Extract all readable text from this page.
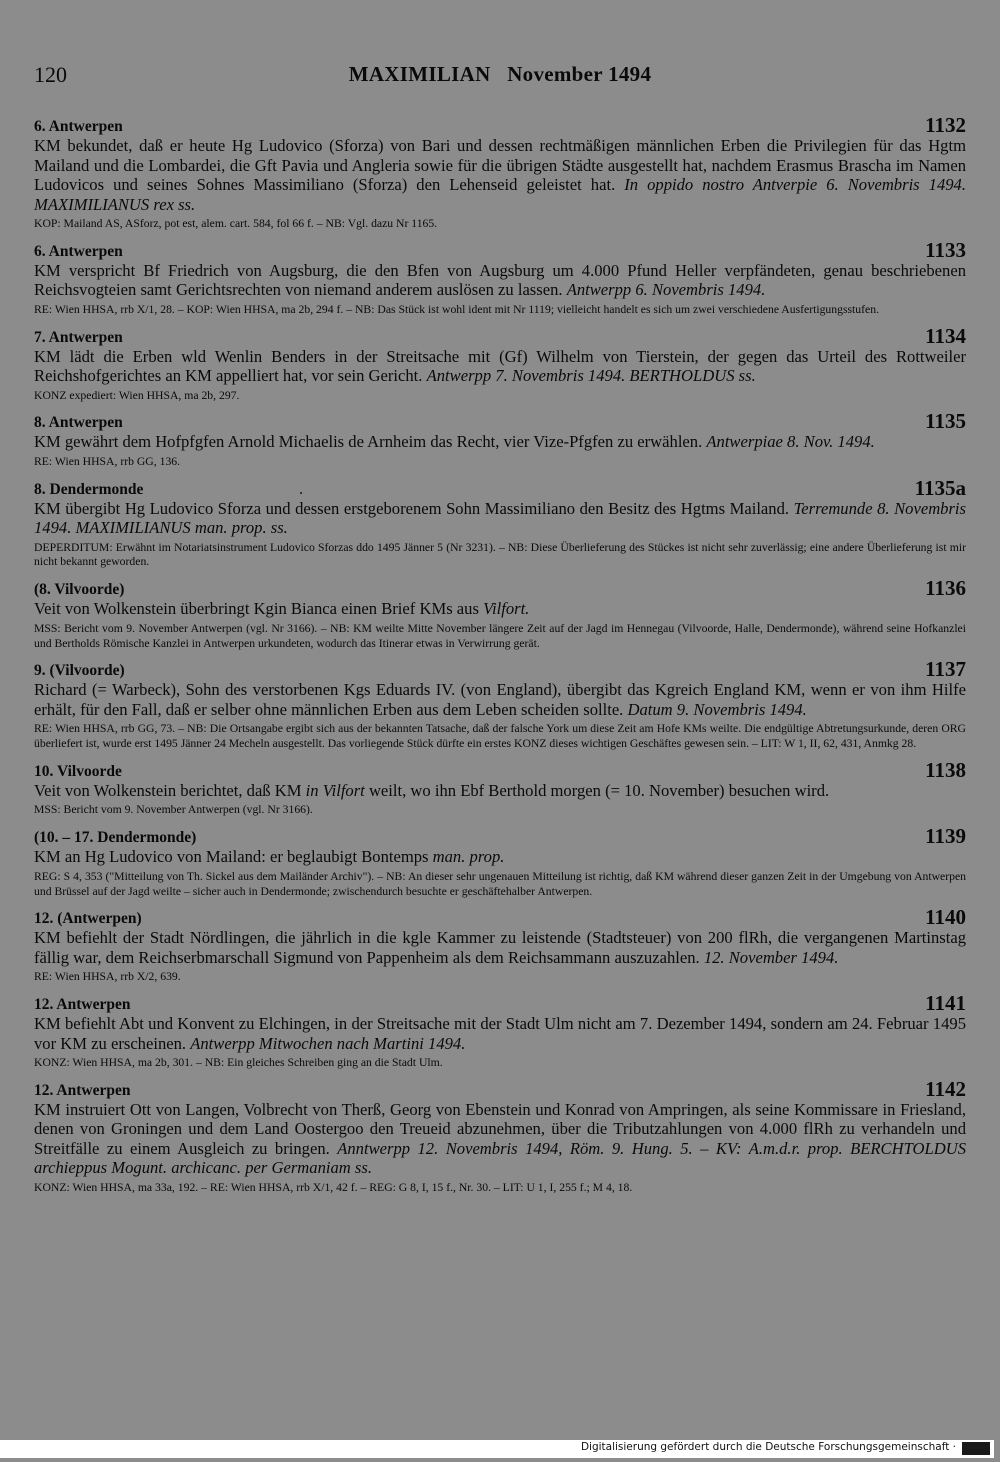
120	MAXIMILIAN   November 1494
6. Antwerpen	1132

KM bekundet, daß er heute Hg Ludovico (Sforza) von Bari und dessen rechtmäßigen männlichen Erben die Privilegien für das Hgtm Mailand und die Lombardei, die Gft Pavia und Angleria sowie für die übrigen Städte ausgestellt hat, nachdem Erasmus Brascha im Namen Ludovicos und seines Sohnes Massimiliano (Sforza) den Lehenseid geleistet hat. In oppido nostro Antverpie 6. Novembris 1494. MAXIMILIANUS rex ss.

KOP: Mailand AS, ASforz, pot est, alem. cart. 584, fol 66 f. – NB: Vgl. dazu Nr 1165.

6. Antwerpen	1133

KM verspricht Bf Friedrich von Augsburg, die den Bfen von Augsburg um 4.000 Pfund Heller verpfändeten, genau beschriebenen Reichsvogteien samt Gerichtsrechten von niemand anderem auslösen zu lassen. Antwerpp 6. Novembris 1494.

RE: Wien HHSA, rrb X/1, 28. – KOP: Wien HHSA, ma 2b, 294 f. – NB: Das Stück ist wohl ident mit Nr 1119; vielleicht handelt es sich um zwei verschiedene Ausfertigungsstufen.

7. Antwerpen	1134

KM lädt die Erben wld Wenlin Benders in der Streitsache mit (Gf) Wilhelm von Tierstein, der gegen das Urteil des Rottweiler Reichshofgerichtes an KM appelliert hat, vor sein Gericht. Antwerpp 7. Novembris 1494. BERTHOLDUS ss.

KONZ expediert: Wien HHSA, ma 2b, 297.

8. Antwerpen	1135

KM gewährt dem Hofpfgfen Arnold Michaelis de Arnheim das Recht, vier Vize-Pfgfen zu erwählen. Antwerpiae 8. Nov. 1494.

RE: Wien HHSA, rrb GG, 136.

8. Dendermonde	1135a

KM übergibt Hg Ludovico Sforza und dessen erstgeborenem Sohn Massimiliano den Besitz des Hgtms Mailand. Terremunde 8. Novembris 1494. MAXIMILIANUS man. prop. ss.

DEPERDITUM: Erwähnt im Notariatsinstrument Ludovico Sforzas ddo 1495 Jänner 5 (Nr 3231). – NB: Diese Überlieferung des Stückes ist nicht sehr zuverlässig; eine andere Überlieferung ist mir nicht bekannt geworden.

(8. Vilvoorde)	1136

Veit von Wolkenstein überbringt Kgin Bianca einen Brief KMs aus Vilfort.

MSS: Bericht vom 9. November Antwerpen (vgl. Nr 3166). – NB: KM weilte Mitte November längere Zeit auf der Jagd im Hennegau (Vilvoorde, Halle, Dendermonde), während seine Hofkanzlei und Bertholds Römische Kanzlei in Antwerpen urkundeten, wodurch das Itinerar etwas in Verwirrung gerät.

9. (Vilvoorde)	1137

Richard (= Warbeck), Sohn des verstorbenen Kgs Eduards IV. (von England), übergibt das Kgreich England KM, wenn er von ihm Hilfe erhält, für den Fall, daß er selber ohne männlichen Erben aus dem Leben scheiden sollte. Datum 9. Novembris 1494.

RE: Wien HHSA, rrb GG, 73. – NB: Die Ortsangabe ergibt sich aus der bekannten Tatsache, daß der falsche York um diese Zeit am Hofe KMs weilte. Die endgültige Abtretungsurkunde, deren ORG überliefert ist, wurde erst 1495 Jänner 24 Mecheln ausgestellt. Das vorliegende Stück dürfte ein erstes KONZ dieses wichtigen Geschäftes gewesen sein. – LIT: W 1, II, 62, 431, Anmkg 28.

10. Vilvoorde	1138

Veit von Wolkenstein berichtet, daß KM in Vilfort weilt, wo ihn Ebf Berthold morgen (= 10. November) besuchen wird.

MSS: Bericht vom 9. November Antwerpen (vgl. Nr 3166).

(10. – 17. Dendermonde)	1139

KM an Hg Ludovico von Mailand: er beglaubigt Bontemps man. prop.

REG: S 4, 353 ("Mitteilung von Th. Sickel aus dem Mailänder Archiv"). – NB: An dieser sehr ungenauen Mitteilung ist richtig, daß KM während dieser ganzen Zeit in der Umgebung von Antwerpen und Brüssel auf der Jagd weilte – sicher auch in Dendermonde; zwischendurch besuchte er geschäftehalber Antwerpen.

12. (Antwerpen)	1140

KM befiehlt der Stadt Nördlingen, die jährlich in die kgle Kammer zu leistende (Stadtsteuer) von 200 flRh, die vergangenen Martinstag fällig war, dem Reichserbmarschall Sigmund von Pappenheim als dem Reichsammann auszuzahlen. 12. November 1494.

RE: Wien HHSA, rrb X/2, 639.

12. Antwerpen	1141

KM befiehlt Abt und Konvent zu Elchingen, in der Streitsache mit der Stadt Ulm nicht am 7. Dezember 1494, sondern am 24. Februar 1495 vor KM zu erscheinen. Antwerpp Mitwochen nach Martini 1494.

KONZ: Wien HHSA, ma 2b, 301. – NB: Ein gleiches Schreiben ging an die Stadt Ulm.

12. Antwerpen	1142

KM instruiert Ott von Langen, Volbrecht von Therß, Georg von Ebenstein und Konrad von Ampringen, als seine Kommissare in Friesland, denen von Groningen und dem Land Oostergoo den Treueid abzunehmen, über die Tributzahlungen von 4.000 flRh zu verhandeln und Streitfälle zu einem Ausgleich zu bringen. Anntwerpp 12. Novembris 1494, Röm. 9. Hung. 5. – KV: A.m.d.r. prop. BERCHTOLDUS archieppus Mogunt. archicanc. per Germaniam ss.

KONZ: Wien HHSA, ma 33a, 192. – RE: Wien HHSA, rrb X/1, 42 f. – REG: G 8, I, 15 f., Nr. 30. – LIT: U 1, I, 255 f.; M 4, 18.

Digitalisierung gefördert durch die Deutsche Forschungsgemeinschaft ·
